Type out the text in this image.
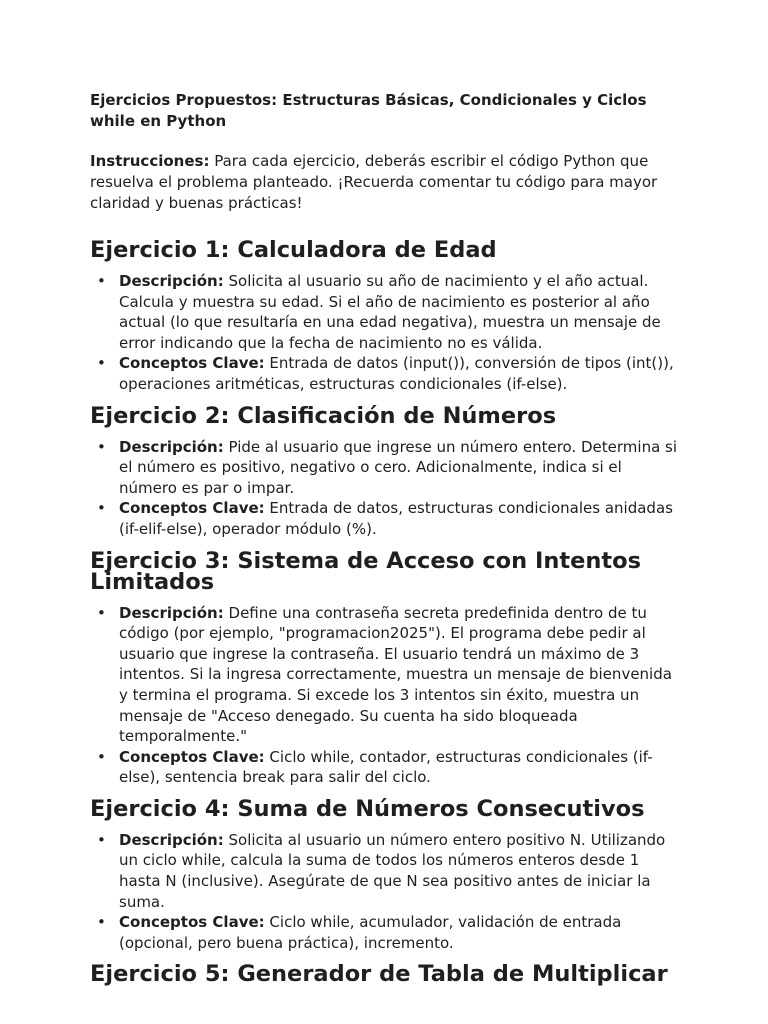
Ejercicios Propuestos: Estructuras Básicas, Condicionales y Ciclos while en Python

Instrucciones: Para cada ejercicio, deberás escribir el código Python que resuelva el problema planteado. ¡Recuerda comentar tu código para mayor claridad y buenas prácticas!

Ejercicio 1: Calculadora de Edad
• Descripción: Solicita al usuario su año de nacimiento y el año actual. Calcula y muestra su edad. Si el año de nacimiento es posterior al año actual (lo que resultaría en una edad negativa), muestra un mensaje de error indicando que la fecha de nacimiento no es válida.
• Conceptos Clave: Entrada de datos (input()), conversión de tipos (int()), operaciones aritméticas, estructuras condicionales (if-else).
Ejercicio 2: Clasificación de Números
• Descripción: Pide al usuario que ingrese un número entero. Determina si el número es positivo, negativo o cero. Adicionalmente, indica si el número es par o impar.
• Conceptos Clave: Entrada de datos, estructuras condicionales anidadas (if-elif-else), operador módulo (%).
Ejercicio 3: Sistema de Acceso con Intentos Limitados
• Descripción: Define una contraseña secreta predefinida dentro de tu código (por ejemplo, "programacion2025"). El programa debe pedir al usuario que ingrese la contraseña. El usuario tendrá un máximo de 3 intentos. Si la ingresa correctamente, muestra un mensaje de bienvenida y termina el programa. Si excede los 3 intentos sin éxito, muestra un mensaje de "Acceso denegado. Su cuenta ha sido bloqueada temporalmente."
• Conceptos Clave: Ciclo while, contador, estructuras condicionales (if-else), sentencia break para salir del ciclo.
Ejercicio 4: Suma de Números Consecutivos
• Descripción: Solicita al usuario un número entero positivo N. Utilizando un ciclo while, calcula la suma de todos los números enteros desde 1 hasta N (inclusive). Asegúrate de que N sea positivo antes de iniciar la suma.
• Conceptos Clave: Ciclo while, acumulador, validación de entrada (opcional, pero buena práctica), incremento.
Ejercicio 5: Generador de Tabla de Multiplicar
